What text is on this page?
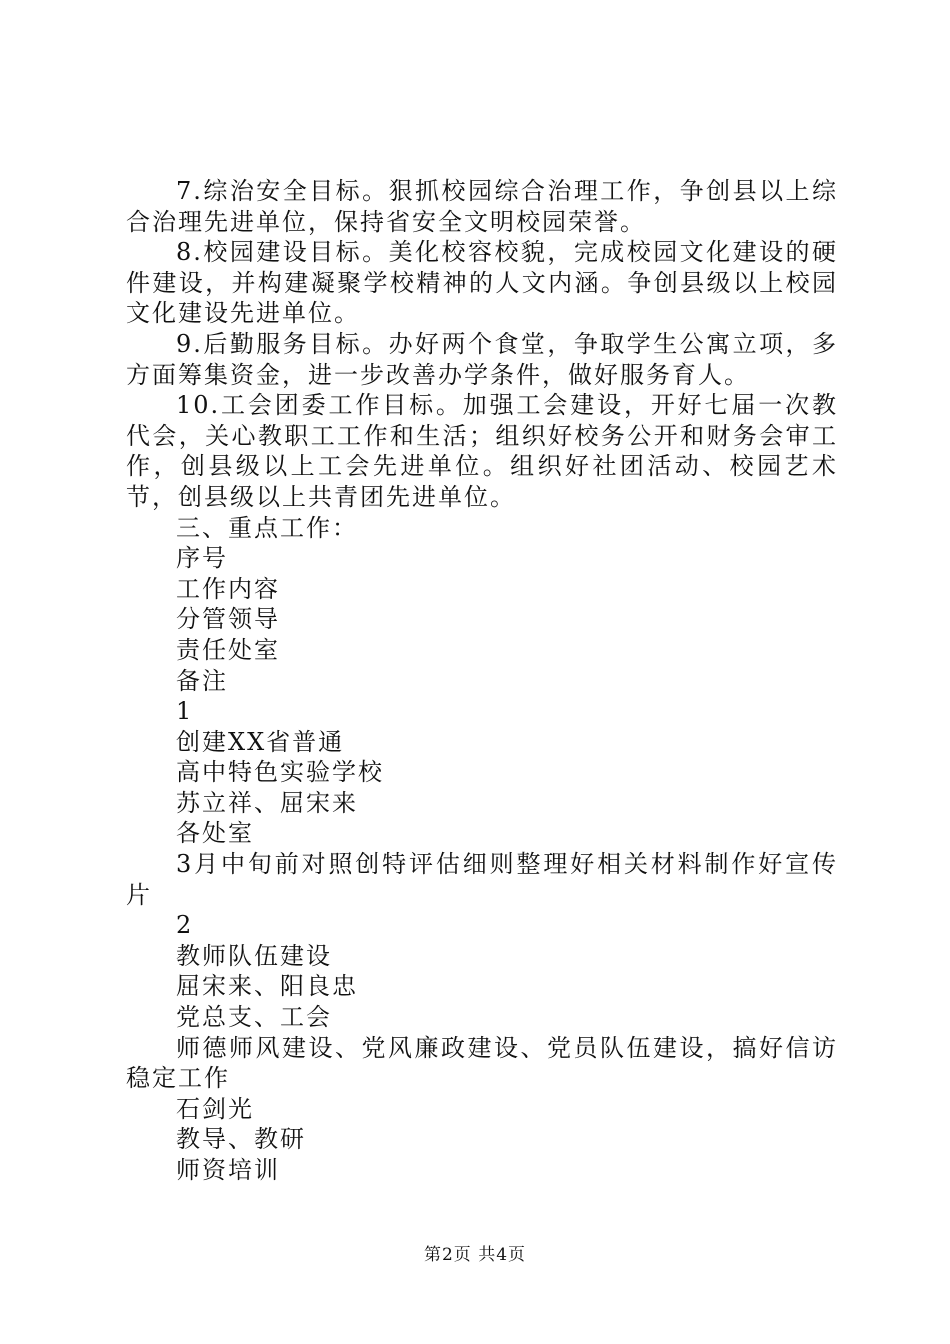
7.综治安全目标。狠抓校园综合治理工作，争创县以上综合治理先进单位，保持省安全文明校园荣誉。

8.校园建设目标。美化校容校貌，完成校园文化建设的硬件建设，并构建凝聚学校精神的人文内涵。争创县级以上校园文化建设先进单位。

9.后勤服务目标。办好两个食堂，争取学生公寓立项，多方面筹集资金，进一步改善办学条件，做好服务育人。

10.工会团委工作目标。加强工会建设，开好七届一次教代会，关心教职工工作和生活；组织好校务公开和财务会审工作，创县级以上工会先进单位。组织好社团活动、校园艺术节，创县级以上共青团先进单位。

三、重点工作：

序号

工作内容

分管领导

责任处室

备注

1

创建XX省普通

高中特色实验学校

苏立祥、屈宋来

各处室

3月中旬前对照创特评估细则整理好相关材料制作好宣传片

2

教师队伍建设

屈宋来、阳良忠

党总支、工会

师德师风建设、党风廉政建设、党员队伍建设，搞好信访稳定工作

石剑光

教导、教研

师资培训

第2页 共4页
